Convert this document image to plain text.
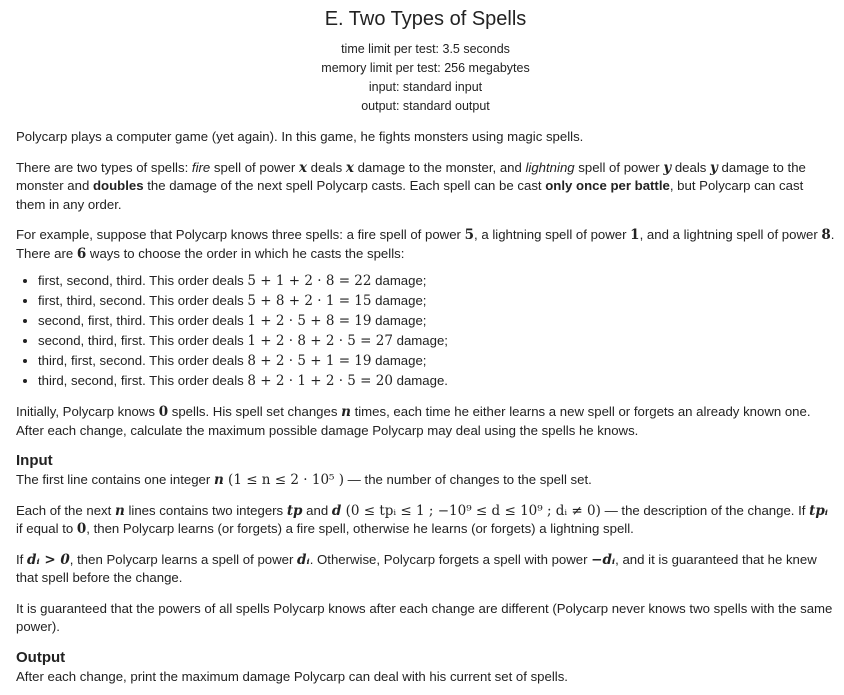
E. Two Types of Spells
time limit per test: 3.5 seconds
memory limit per test: 256 megabytes
input: standard input
output: standard output

Polycarp plays a computer game (yet again). In this game, he fights monsters using magic spells.

There are two types of spells: fire spell of power x deals x damage to the monster, and lightning spell of power y deals y damage to the monster and doubles the damage of the next spell Polycarp casts. Each spell can be cast only once per battle, but Polycarp can cast them in any order.

For example, suppose that Polycarp knows three spells: a fire spell of power 5, a lightning spell of power 1, and a lightning spell of power 8. There are 6 ways to choose the order in which he casts the spells:

• first, second, third. This order deals 5 + 1 + 2 · 8 = 22 damage;
• first, third, second. This order deals 5 + 8 + 2 · 1 = 15 damage;
• second, first, third. This order deals 1 + 2 · 5 + 8 = 19 damage;
• second, third, first. This order deals 1 + 2 · 8 + 2 · 5 = 27 damage;
• third, first, second. This order deals 8 + 2 · 5 + 1 = 19 damage;
• third, second, first. This order deals 8 + 2 · 1 + 2 · 5 = 20 damage.

Initially, Polycarp knows 0 spells. His spell set changes n times, each time he either learns a new spell or forgets an already known one. After each change, calculate the maximum possible damage Polycarp may deal using the spells he knows.

Input

The first line contains one integer n (1 ≤ n ≤ 2 · 10⁵ ) — the number of changes to the spell set.

Each of the next n lines contains two integers tp and d (0 ≤ tpᵢ ≤ 1 ; −10⁹ ≤ d ≤ 10⁹ ; dᵢ ≠ 0) — the description of the change. If tpᵢ if equal to 0, then Polycarp learns (or forgets) a fire spell, otherwise he learns (or forgets) a lightning spell.

If dᵢ > 0, then Polycarp learns a spell of power dᵢ. Otherwise, Polycarp forgets a spell with power −dᵢ, and it is guaranteed that he knew that spell before the change.

It is guaranteed that the powers of all spells Polycarp knows after each change are different (Polycarp never knows two spells with the same power).

Output

After each change, print the maximum damage Polycarp can deal with his current set of spells.
